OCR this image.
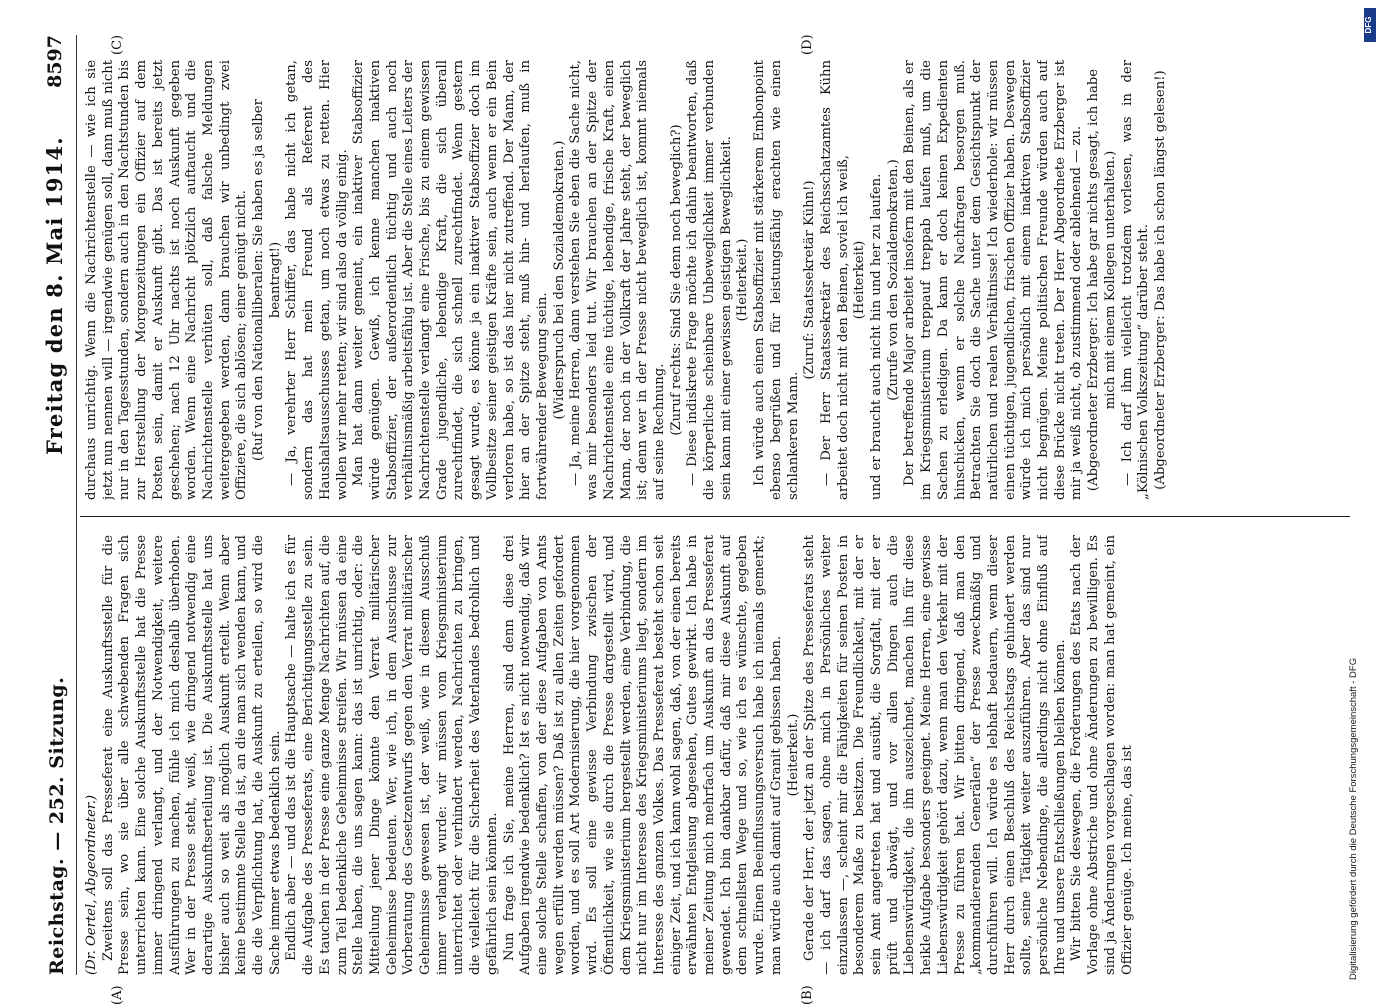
Reichstag. — 252. Sitzung.
Freitag den 8. Mai 1914.
8597

(Dr. Oertel, Abgeordneter.) Zweitens soll das Presseferat eine Auskunftsstelle für die Presse sein, wo sie über alle schwebenden Fragen sich unterrichten kann. Eine solche Auskunftsstelle hat die Presse immer dringend verlangt, und der Notwendigkeit, weitere Ausführungen zu machen, fühle ich mich deshalb überhoben. Wer in der Presse steht, weiß, wie dringend notwendig eine derartige Auskunftserteilung ist. Die Auskunftsstelle hat uns bisher auch so weit als möglich Auskunft erteilt. Wenn aber keine bestimmte Stelle da ist, an die man sich wenden kann, und die die Verpflichtung hat, die Auskunft zu erteilen, so wird die Sache immer etwas bedenklich sein. Endlich aber — und das ist die Hauptsache — halte ich es für die Aufgabe des Presseferats, eine Berichtigungsstelle zu sein. Es tauchen in der Presse eine ganze Menge Nachrichten auf, die zum Teil bedenkliche Geheimnisse streifen. Wir müssen da eine Stelle haben, die uns sagen kann: das ist unrichtig, oder: die Mitteilung jener Dinge könnte den Verrat militärischer Geheimnisse bedeuten. Wer, wie ich, in dem Ausschusse zur Vorberatung des Gesetzentwurfs gegen den Verrat militärischer Geheimnisse gewesen ist, der weiß, wie in diesem Ausschuß immer verlangt wurde: wir müssen vom Kriegsministerium unterrichtet oder verhindert werden, Nachrichten zu bringen, die vielleicht für die Sicherheit des Vaterlandes bedrohlich und gefährlich sein könnten. Nun frage ich Sie, meine Herren, sind denn diese drei Aufgaben irgendwie bedenklich? Ist es nicht notwendig, daß wir eine solche Stelle schaffen, von der diese Aufgaben von Amts wegen erfüllt werden müssen? Daß ist zu allen Zeiten gefordert worden, und es soll Art Modernisierung, die hier vorgenommen wird. Es soll eine gewisse Verbindung zwischen der Öffentlichkeit, wie sie durch die Presse dargestellt wird, und dem Kriegsministerium hergestellt werden, eine Verbindung, die nicht nur im Interesse des Kriegsministeriums liegt, sondern im Interesse des ganzen Volkes. Das Presseferat besteht schon seit einiger Zeit, und ich kann wohl sagen, daß, von der einen bereits erwähnten Entgleisung abgesehen, Gutes gewirkt. Ich habe in meiner Zeitung mich mehrfach um Auskunft an das Presseferat gewendet. Ich bin dankbar dafür, daß mir diese Auskunft auf dem schnellsten Wege und so, wie ich es wünschte, gegeben wurde. Einen Beeinflussungsversuch habe ich niemals gemerkt; man würde auch damit auf Granit gebissen haben. (Heiterkeit.) Gerade der Herr, der jetzt an der Spitze des Presseferats steht — ich darf das sagen, ohne mich in Persönliches weiter einzulassen —, scheint mir die Fähigkeiten für seinen Posten in besonderem Maße zu besitzen. Die Freundlichkeit, mit der er sein Amt angetreten hat und ausübt, die Sorgfalt, mit der er prüft und abwägt, und vor allen Dingen auch die Liebenswürdigkeit, die ihn auszeichnet, machen ihn für diese heikle Aufgabe besonders geeignet. Meine Herren, eine gewisse Liebenswürdigkeit gehört dazu, wenn man den Verkehr mit der Presse zu führen hat. Wir bitten dringend, daß man den „kommandierenden Generälen“ der Presse zweckmäßig und durchführen will. Ich würde es lebhaft bedauern, wenn dieser Herr durch einen Beschluß des Reichstags gehindert werden sollte, seine Tätigkeit weiter auszuführen. Aber das sind nur persönliche Nebendinge, die allerdings nicht ohne Einfluß auf Ihre und unsere Entschließungen bleiben können. Wir bitten Sie deswegen, die Forderungen des Etats nach der Vorlage ohne Abstriche und ohne Änderungen zu bewilligen. Es sind ja Änderungen vorgeschlagen worden: man hat gemeint, ein Offizier genüge. Ich meine, das ist

durchaus unrichtig. Wenn die Nachrichtenstelle — wie ich sie jetzt nun nennen will — irgendwie genügen soll, dann muß nicht nur in den Tagesstunden, sondern auch in den Nachtstunden bis zur Herstellung der Morgenzeitungen ein Offizier auf dem Posten sein, damit er Auskunft gibt. Das ist bereits jetzt geschehen; nach 12 Uhr nachts ist noch Auskunft gegeben worden. Wenn eine Nachricht plötzlich auftaucht und die Nachrichtenstelle verhüten soll, daß falsche Meldungen weitergegeben werden, dann brauchen wir unbedingt zwei Offiziere, die sich ablösen; einer genügt nicht. (Ruf von den Nationalliberalen: Sie haben es ja selber beantragt!) — Ja, verehrter Herr Schiffer, das habe nicht ich getan, sondern das hat mein Freund als Referent des Haushaltsausschusses getan, um noch etwas zu retten. Hier wollen wir mehr retten; wir sind also da völlig einig. Man hat dann weiter gemeint, ein inaktiver Stabsoffizier würde genügen. Gewiß, ich kenne manchen inaktiven Stabsoffizier, der außerordentlich tüchtig und auch noch verhältnismäßig arbeitsfähig ist. Aber die Stelle eines Leiters der Nachrichtenstelle verlangt eine Frische, bis zu einem gewissen Grade jugendliche, lebendige Kraft, die sich überall zurechtfindet, die sich schnell zurechtfindet. Wenn gestern gesagt wurde, es könne ja ein inaktiver Stabsoffizier doch im Vollbesitze seiner geistigen Kräfte sein, auch wenn er ein Bein verloren habe, so ist das hier nicht zutreffend. Der Mann, der hier an der Spitze steht, muß hin- und herlaufen, muß in fortwährender Bewegung sein. (Widerspruch bei den Sozialdemokraten.) — Ja, meine Herren, dann verstehen Sie eben die Sache nicht, was mir besonders leid tut. Wir brauchen an der Spitze der Nachrichtenstelle eine tüchtige, lebendige, frische Kraft, einen Mann, der noch in der Vollkraft der Jahre steht, der beweglich ist; denn wer in der Presse nicht beweglich ist, kommt niemals auf seine Rechnung. (Zuruf rechts: Sind Sie denn noch beweglich?) — Diese indiskrete Frage möchte ich dahin beantworten, daß die körperliche scheinbare Unbeweglichkeit immer verbunden sein kann mit einer gewissen geistigen Beweglichkeit. (Heiterkeit.) Ich würde auch einen Stabsoffizier mit stärkerem Embonpoint ebenso begrüßen und für leistungsfähig erachten wie einen schlankeren Mann.

(Zuruf: Staatssekretär Kühn!) — Der Herr Staatssekretär des Reichsschatzamtes Kühn arbeitet doch nicht mit den Beinen, soviel ich weiß, (Heiterkeit) und er braucht auch nicht hin und her zu laufen. (Zurufe von den Sozialdemokraten.) Der betreffende Major arbeitet insofern mit den Beinen, als er im Kriegsministerium treppauf treppab laufen muß, um die Sachen zu erledigen. Da kann er doch keinen Expedienten hinschicken, wenn er solche Nachfragen besorgen muß. Betrachten Sie doch die Sache unter dem Gesichtspunkt der natürlichen und realen Verhältnisse! Ich wiederhole: wir müssen einen tüchtigen, jugendlichen, frischen Offizier haben. Deswegen würde ich mich persönlich mit einem inaktiven Stabsoffizier nicht begnügen. Meine politischen Freunde würden auch auf diese Brücke nicht treten. Der Herr Abgeordnete Erzberger ist mir ja weiß nicht, ob zustimmend oder ablehnend — zu. (Abgeordneter Erzberger: Ich habe gar nichts gesagt, ich habe mich mit einem Kollegen unterhalten.) — Ich darf ihm vielleicht trotzdem vorlesen, was in der „Kölnischen Volkszeitung“ darüber steht. (Abgeordneter Erzberger: Das habe ich schon längst gelesen!)

(A)	(B)
(C)	(D)
Digitalisierung gefördert durch die Deutsche Forschungsgemeinschaft - DFG
DFG
